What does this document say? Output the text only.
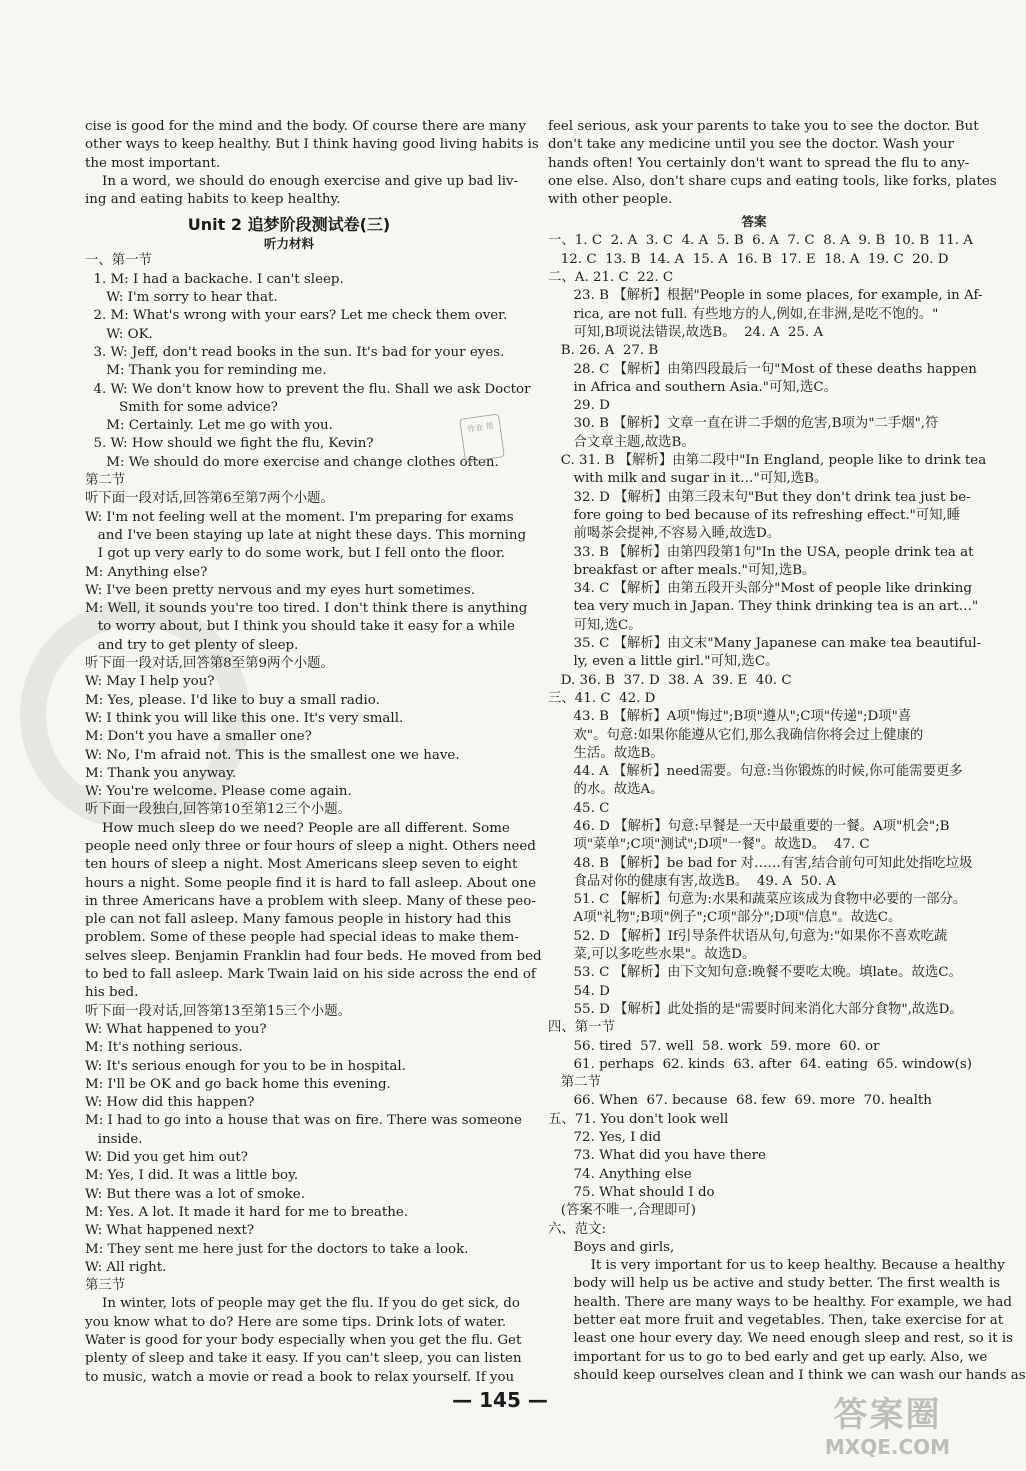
cise is good for the mind and the body. Of course there are many
other ways to keep healthy. But I think having good living habits is
the most important.
In a word, we should do enough exercise and give up bad liv-
ing and eating habits to keep healthy.
Unit 2 追梦阶段测试卷(三)
听力材料
一、第一节
1. M: I had a backache. I can't sleep.
W: I'm sorry to hear that.
2. M: What's wrong with your ears? Let me check them over.
W: OK.
3. W: Jeff, don't read books in the sun. It's bad for your eyes.
M: Thank you for reminding me.
4. W: We don't know how to prevent the flu. Shall we ask Doctor
Smith for some advice?
M: Certainly. Let me go with you.
5. W: How should we fight the flu, Kevin?
M: We should do more exercise and change clothes often.
第二节
听下面一段对话,回答第6至第7两个小题。
W: I'm not feeling well at the moment. I'm preparing for exams
and I've been staying up late at night these days. This morning
I got up very early to do some work, but I fell onto the floor.
M: Anything else?
W: I've been pretty nervous and my eyes hurt sometimes.
M: Well, it sounds you're too tired. I don't think there is anything
to worry about, but I think you should take it easy for a while
and try to get plenty of sleep.
听下面一段对话,回答第8至第9两个小题。
W: May I help you?
M: Yes, please. I'd like to buy a small radio.
W: I think you will like this one. It's very small.
M: Don't you have a smaller one?
W: No, I'm afraid not. This is the smallest one we have.
M: Thank you anyway.
W: You're welcome. Please come again.
听下面一段独白,回答第10至第12三个小题。
How much sleep do we need? People are all different. Some
people need only three or four hours of sleep a night. Others need
ten hours of sleep a night. Most Americans sleep seven to eight
hours a night. Some people find it is hard to fall asleep. About one
in three Americans have a problem with sleep. Many of these peo-
ple can not fall asleep. Many famous people in history had this
problem. Some of these people had special ideas to make them-
selves sleep. Benjamin Franklin had four beds. He moved from bed
to bed to fall asleep. Mark Twain laid on his side across the end of
his bed.
听下面一段对话,回答第13至第15三个小题。
W: What happened to you?
M: It's nothing serious.
W: It's serious enough for you to be in hospital.
M: I'll be OK and go back home this evening.
W: How did this happen?
M: I had to go into a house that was on fire. There was someone
inside.
W: Did you get him out?
M: Yes, I did. It was a little boy.
W: But there was a lot of smoke.
M: Yes. A lot. It made it hard for me to breathe.
W: What happened next?
M: They sent me here just for the doctors to take a look.
W: All right.
第三节
In winter, lots of people may get the flu. If you do get sick, do
you know what to do? Here are some tips. Drink lots of water.
Water is good for your body especially when you get the flu. Get
plenty of sleep and take it easy. If you can't sleep, you can listen
to music, watch a movie or read a book to relax yourself. If you
feel serious, ask your parents to take you to see the doctor. But
don't take any medicine until you see the doctor. Wash your
hands often! You certainly don't want to spread the flu to any-
one else. Also, don't share cups and eating tools, like forks, plates
with other people.
答案
一、1. C  2. A  3. C  4. A  5. B  6. A  7. C  8. A  9. B  10. B  11. A
12. C  13. B  14. A  15. A  16. B  17. E  18. A  19. C  20. D
二、A. 21. C  22. C
23. B 【解析】根据"People in some places, for example, in Af-
rica, are not full. 有些地方的人,例如,在非洲,是吃不饱的。"
可知,B项说法错误,故选B。  24. A  25. A
B. 26. A  27. B
28. C 【解析】由第四段最后一句"Most of these deaths happen
in Africa and southern Asia."可知,选C。
29. D
30. B 【解析】文章一直在讲二手烟的危害,B项为"二手烟",符
合文章主题,故选B。
C. 31. B 【解析】由第二段中"In England, people like to drink tea
with milk and sugar in it…"可知,选B。
32. D 【解析】由第三段末句"But they don't drink tea just be-
fore going to bed because of its refreshing effect."可知,睡
前喝茶会提神,不容易入睡,故选D。
33. B 【解析】由第四段第1句"In the USA, people drink tea at
breakfast or after meals."可知,选B。
34. C 【解析】由第五段开头部分"Most of people like drinking
tea very much in Japan. They think drinking tea is an art…"
可知,选C。
35. C 【解析】由文末"Many Japanese can make tea beautiful-
ly, even a little girl."可知,选C。
D. 36. B  37. D  38. A  39. E  40. C
三、41. C  42. D
43. B 【解析】A项"悔过";B项"遵从";C项"传递";D项"喜
欢"。句意:如果你能遵从它们,那么我确信你将会过上健康的
生活。故选B。
44. A 【解析】need需要。句意:当你锻炼的时候,你可能需要更多
的水。故选A。
45. C
46. D 【解析】句意:早餐是一天中最重要的一餐。A项"机会";B
项"菜单";C项"测试";D项"一餐"。故选D。  47. C
48. B 【解析】be bad for 对……有害,结合前句可知此处指吃垃圾
食品对你的健康有害,故选B。  49. A  50. A
51. C 【解析】句意为:水果和蔬菜应该成为食物中必要的一部分。
A项"礼物";B项"例子";C项"部分";D项"信息"。故选C。
52. D 【解析】If引导条件状语从句,句意为:"如果你不喜欢吃蔬
菜,可以多吃些水果"。故选D。
53. C 【解析】由下文知句意:晚餐不要吃太晚。填late。故选C。
54. D
55. D 【解析】此处指的是"需要时间来消化大部分食物",故选D。
四、第一节
56. tired  57. well  58. work  59. more  60. or
61. perhaps  62. kinds  63. after  64. eating  65. window(s)
第二节
66. When  67. because  68. few  69. more  70. health
五、71. You don't look well
72. Yes, I did
73. What did you have there
74. Anything else
75. What should I do
(答案不唯一,合理即可)
六、范文:
Boys and girls,
It is very important for us to keep healthy. Because a healthy
body will help us be active and study better. The first wealth is
health. There are many ways to be healthy. For example, we had
better eat more fruit and vegetables. Then, take exercise for at
least one hour every day. We need enough sleep and rest, so it is
important for us to go to bed early and get up early. Also, we
should keep ourselves clean and I think we can wash our hands as
作业 帮
— 145 —	答案圈
MXQE.COM
